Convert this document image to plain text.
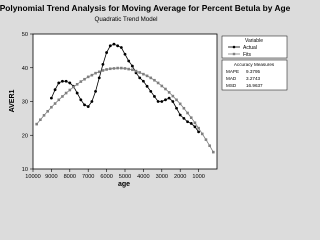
Polynomial Trend Analysis for Moving Average for Percent Betula by Age
Quadratic Trend Model
10000 9000 8000 7000 6000 5000 4000 3000 2000 1000
10
20
30
40
50
age
AVER1
Variable
Actual
Fits
Accuracy Measures
MAPE 9.3795
MAD 3.2743
MSD 16.9637
